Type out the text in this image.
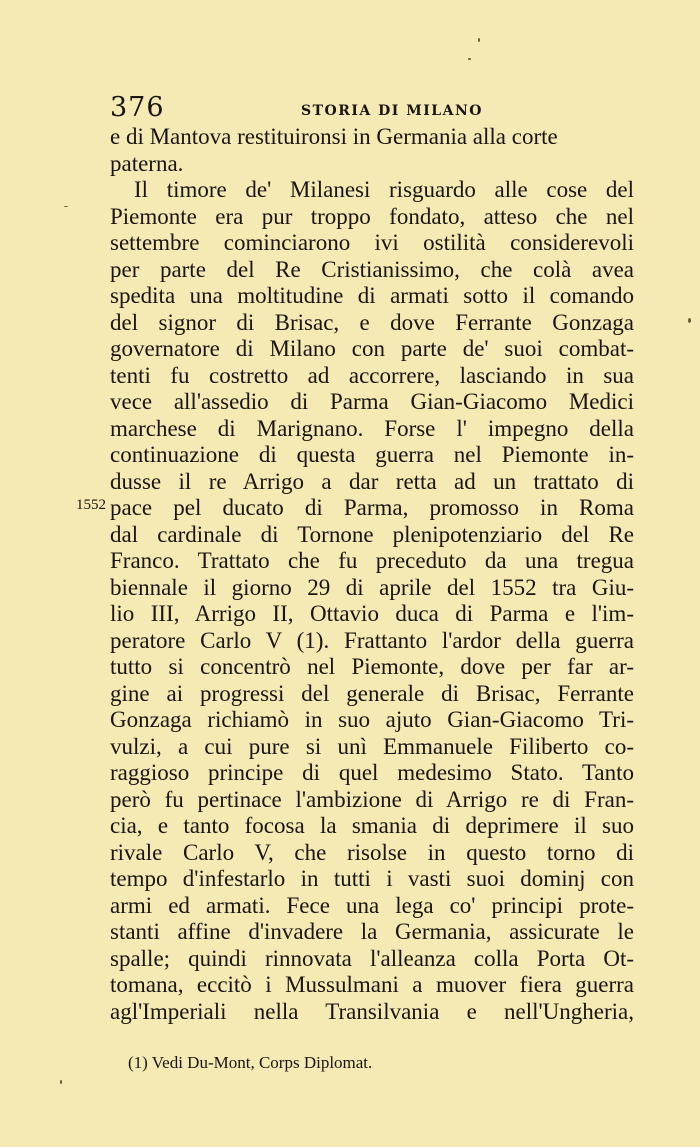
376	STORIA DI MILANO
1552
e di Mantova restituironsi in Germania alla corte
paterna.
Il timore de' Milanesi risguardo alle cose del
Piemonte era pur troppo fondato, atteso che nel
settembre cominciarono ivi ostilità considerevoli
per parte del Re Cristianissimo, che colà avea
spedita una moltitudine di armati sotto il comando
del signor di Brisac, e dove Ferrante Gonzaga
governatore di Milano con parte de' suoi combat-
tenti fu costretto ad accorrere, lasciando in sua
vece all'assedio di Parma Gian-Giacomo Medici
marchese di Marignano. Forse l' impegno della
continuazione di questa guerra nel Piemonte in-
dusse il re Arrigo a dar retta ad un trattato di
pace pel ducato di Parma, promosso in Roma
dal cardinale di Tornone plenipotenziario del Re
Franco. Trattato che fu preceduto da una tregua
biennale il giorno 29 di aprile del 1552 tra Giu-
lio III, Arrigo II, Ottavio duca di Parma e l'im-
peratore Carlo V (1). Frattanto l'ardor della guerra
tutto si concentrò nel Piemonte, dove per far ar-
gine ai progressi del generale di Brisac, Ferrante
Gonzaga richiamò in suo ajuto Gian-Giacomo Tri-
vulzi, a cui pure si unì Emmanuele Filiberto co-
raggioso principe di quel medesimo Stato. Tanto
però fu pertinace l'ambizione di Arrigo re di Fran-
cia, e tanto focosa la smania di deprimere il suo
rivale Carlo V, che risolse in questo torno di
tempo d'infestarlo in tutti i vasti suoi dominj con
armi ed armati. Fece una lega co' principi prote-
stanti affine d'invadere la Germania, assicurate le
spalle; quindi rinnovata l'alleanza colla Porta Ot-
tomana, eccitò i Mussulmani a muover fiera guerra
agl'Imperiali nella Transilvania e nell'Ungheria,
(1) Vedi Du-Mont, Corps Diplomat.
